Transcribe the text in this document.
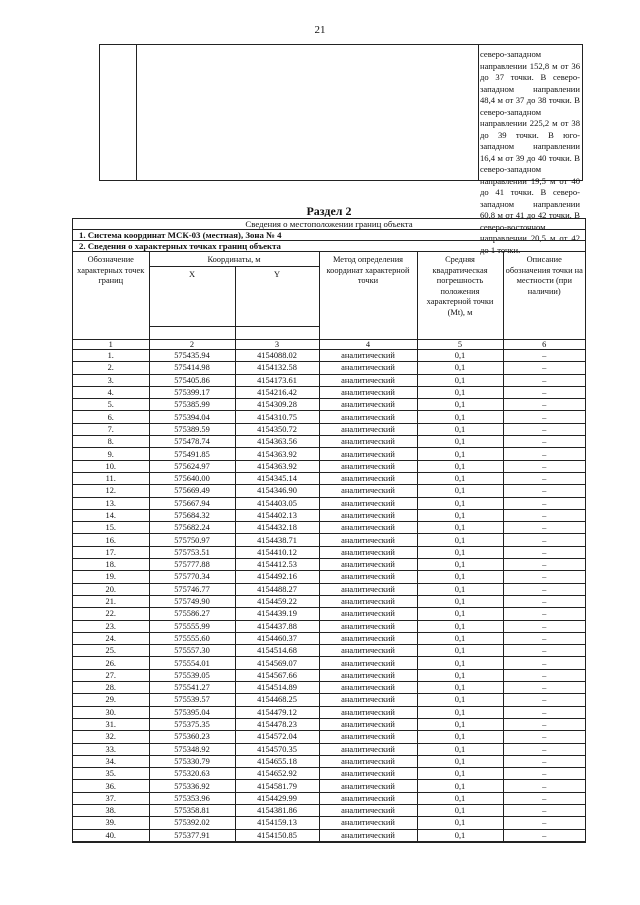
21
северо-западном направлении 152,8 м от 36 до 37 точки. В северо-западном направлении 48,4 м от 37 до 38 точки. В северо-западном направлении 225,2 м от 38 до 39 точки. В юго-западном направлении 16,4 м от 39 до 40 точки. В северо-западном направлении 19,5 м от 40 до 41 точки. В северо-западном направлении 60,8 м от 41 до 42 точки. В северо-восточном направлении 20,5 м от 42 до 1 точки.
Раздел 2
Сведения о местоположении границ объекта
1. Система координат МСК-03 (местная), Зона № 4
2. Сведения о характерных точках границ объекта
Обозначение характерных точек границ	Координаты, м		Метод определения координат характерной точки	Средняя квадратическая погрешность положения характерной точки (Mt), м	Описание обозначения точки на местности (при наличии)
	X	Y			

1	2	3	4	5	6
1.	575435.94	4154088.02	аналитический	0,1	–
2.	575414.98	4154132.58	аналитический	0,1	–
3.	575405.86	4154173.61	аналитический	0,1	–
4.	575399.17	4154216.42	аналитический	0,1	–
5.	575385.99	4154309.28	аналитический	0,1	–
6.	575394.04	4154310.75	аналитический	0,1	–
7.	575389.59	4154350.72	аналитический	0,1	–
8.	575478.74	4154363.56	аналитический	0,1	–
9.	575491.85	4154363.92	аналитический	0,1	–
10.	575624.97	4154363.92	аналитический	0,1	–
11.	575640.00	4154345.14	аналитический	0,1	–
12.	575669.49	4154346.90	аналитический	0,1	–
13.	575667.94	4154403.05	аналитический	0,1	–
14.	575684.32	4154402.13	аналитический	0,1	–
15.	575682.24	4154432.18	аналитический	0,1	–
16.	575750.97	4154438.71	аналитический	0,1	–
17.	575753.51	4154410.12	аналитический	0,1	–
18.	575777.88	4154412.53	аналитический	0,1	–
19.	575770.34	4154492.16	аналитический	0,1	–
20.	575746.77	4154488.27	аналитический	0,1	–
21.	575749.90	4154459.22	аналитический	0,1	–
22.	575586.27	4154439.19	аналитический	0,1	–
23.	575555.99	4154437.88	аналитический	0,1	–
24.	575555.60	4154460.37	аналитический	0,1	–
25.	575557.30	4154514.68	аналитический	0,1	–
26.	575554.01	4154569.07	аналитический	0,1	–
27.	575539.05	4154567.66	аналитический	0,1	–
28.	575541.27	4154514.89	аналитический	0,1	–
29.	575539.57	4154468.25	аналитический	0,1	–
30.	575395.04	4154479.12	аналитический	0,1	–
31.	575375.35	4154478.23	аналитический	0,1	–
32.	575360.23	4154572.04	аналитический	0,1	–
33.	575348.92	4154570.35	аналитический	0,1	–
34.	575330.79	4154655.18	аналитический	0,1	–
35.	575320.63	4154652.92	аналитический	0,1	–
36.	575336.92	4154581.79	аналитический	0,1	–
37.	575353.96	4154429.99	аналитический	0,1	–
38.	575358.81	4154381.86	аналитический	0,1	–
39.	575392.02	4154159.13	аналитический	0,1	–
40.	575377.91	4154150.85	аналитический	0,1	–
